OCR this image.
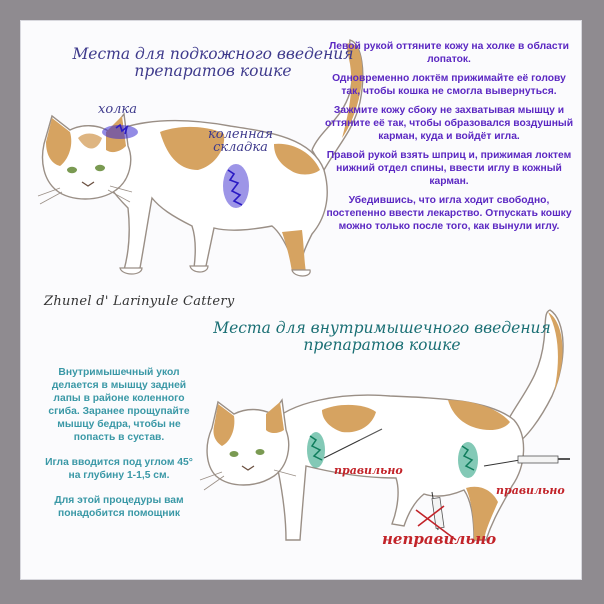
Места для подкожного введения
препаратов кошке
холка
коленная
складка

Левой рукой оттяните кожу на холке в области лопаток.

Одновременно локтём прижимайте её голову так, чтобы кошка не смогла вывернуться.

Зажмите кожу сбоку не захватывая мышцу и оттяните её так, чтобы образовался воздушный карман, куда и войдёт игла.

Правой рукой взять шприц и, прижимая локтем нижний отдел спины, ввести иглу в кожный карман.

Убедившись, что игла ходит свободно, постепенно ввести лекарство. Отпускать кошку можно только после того, как вынули иглу.

Zhunel d' Larinyule Cattery
Места для внутримышечного введения
препаратов кошке

Внутримышечный укол делается в мышцу задней лапы в районе коленного сгиба. Заранее прощупайте мышцу бедра, чтобы не попасть в сустав.

Игла вводится под углом 45° на глубину 1-1,5 см.

Для этой процедуры вам понадобится помощник

правильно
правильно
неправильно
